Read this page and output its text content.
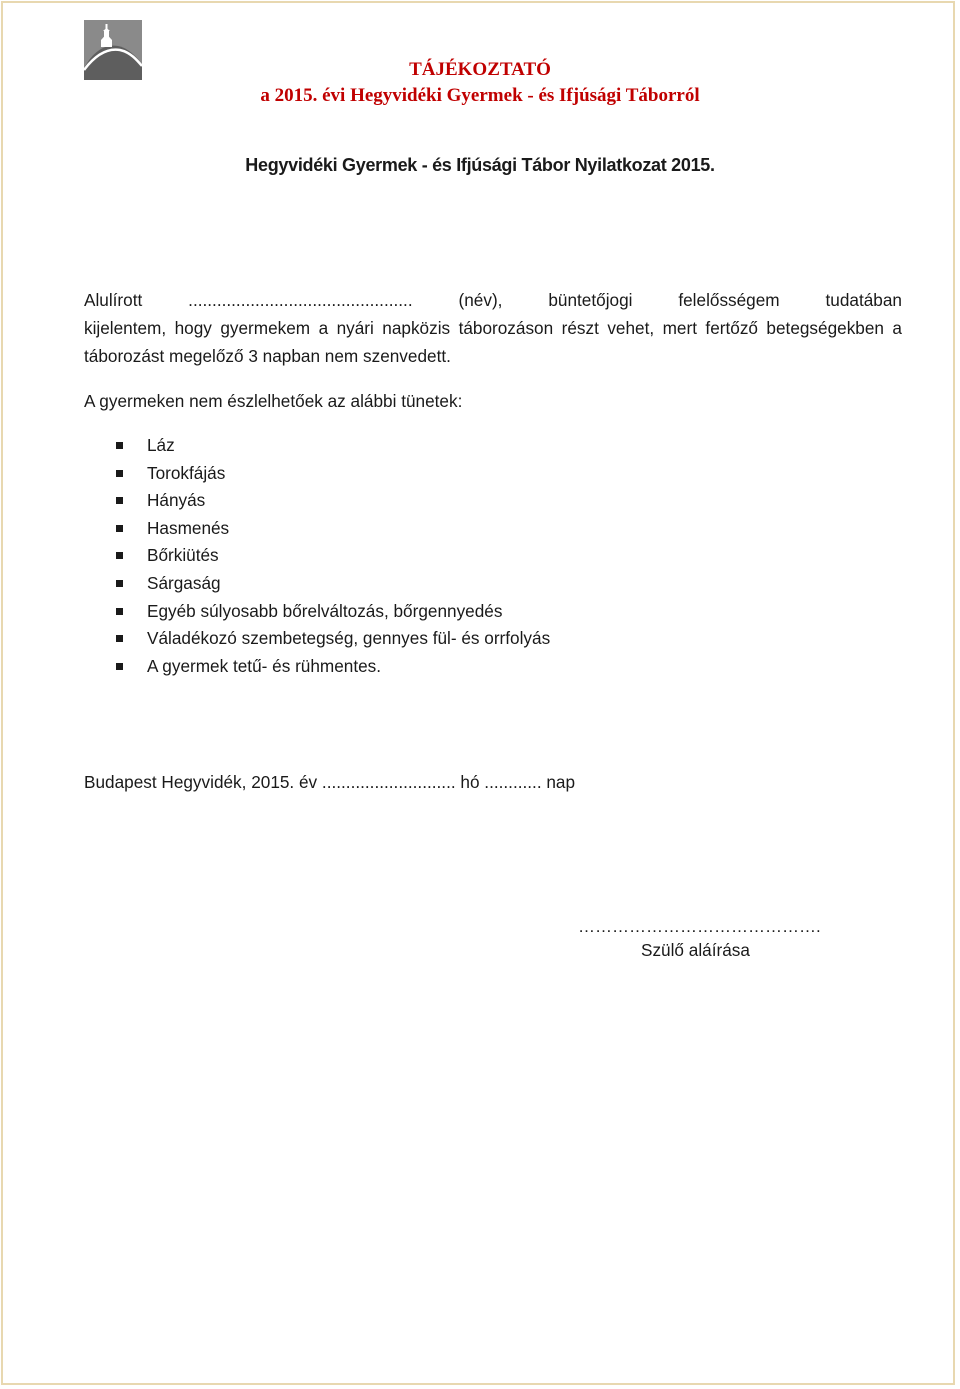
TÁJÉKOZTATÓ
a 2015. évi Hegyvidéki Gyermek - és Ifjúsági Táborról
Hegyvidéki Gyermek - és Ifjúsági Tábor Nyilatkozat 2015.
Alulírott ............................................... (név), büntetőjogi felelősségem tudatában
kijelentem, hogy gyermekem a nyári napközis táborozáson részt vehet, mert fertőző betegségekben a
táborozást megelőző 3 napban nem szenvedett.
A gyermeken nem észlelhetőek az alábbi tünetek:
Láz
Torokfájás
Hányás
Hasmenés
Bőrkiütés
Sárgaság
Egyéb súlyosabb bőrelváltozás, bőrgennyedés
Váladékozó szembetegség, gennyes fül- és orrfolyás
A gyermek tetű- és rühmentes.
Budapest Hegyvidék, 2015. év ............................ hó ............ nap
…………………………………….
Szülő aláírása
